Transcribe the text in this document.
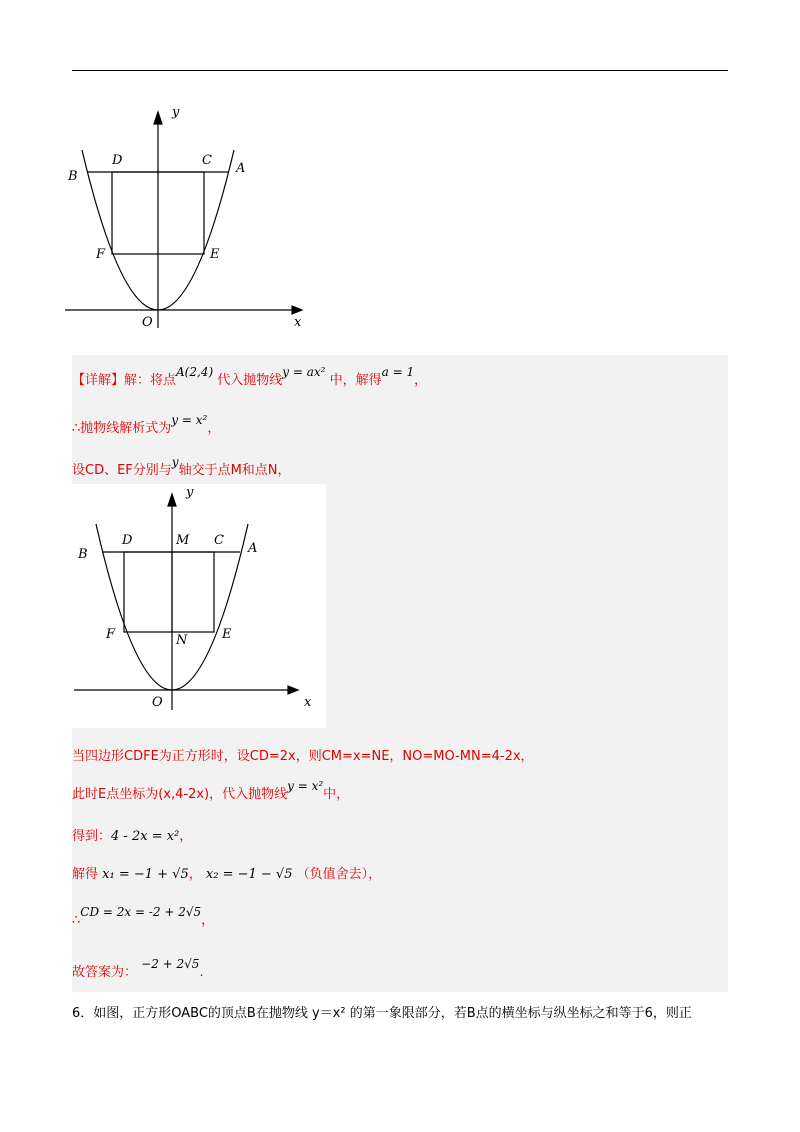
y
x
O
B
D	C
A
F	E
【详解】解：将点A(2,4) 代入抛物线y = ax² 中，解得a = 1，
∴抛物线解析式为y = x²，
设CD、EF分别与y轴交于点M和点N，
当四边形CDFE为正方形时，设CD=2x，则CM=x=NE，NO=MO-MN=4-2x，
此时E点坐标为(x,4-2x)，代入抛物线y = x²中，
得到：4 - 2x = x²，
解得 x₁ = −1 + √5， x₂ = −1 − √5 （负值舍去），
∴CD = 2x = -2 + 2√5，
故答案为： −2 + 2√5.
y
x
O
B
D	M C
A
F	N	E
6．如图，正方形OABC的顶点B在抛物线 y＝x² 的第一象限部分，若B点的横坐标与纵坐标之和等于6，则正
